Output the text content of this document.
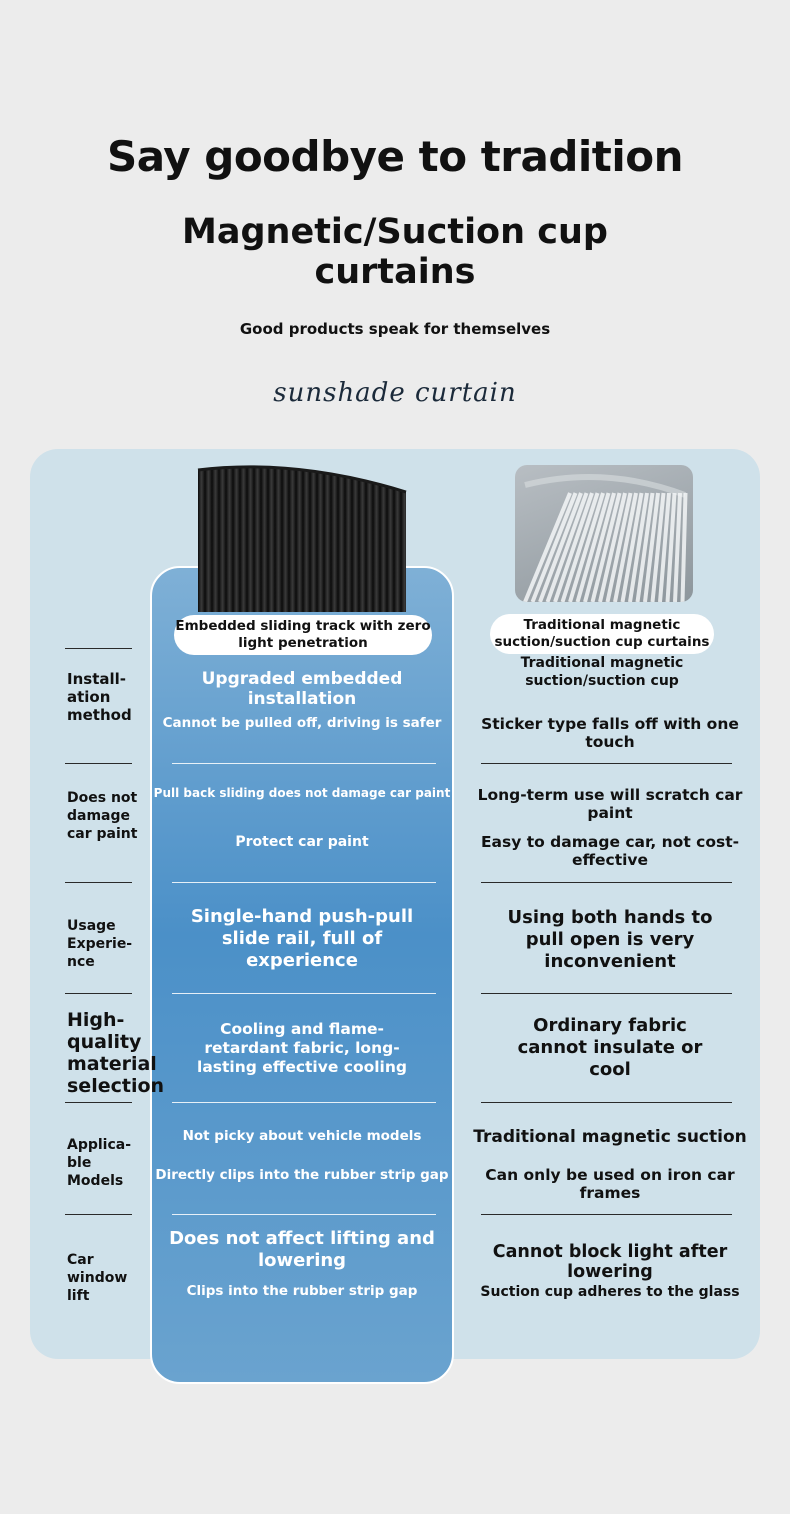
Say goodbye to tradition
Magnetic/Suction cup
curtains
Good products speak for themselves
sunshade curtain
Embedded sliding track with zero light penetration
Traditional magnetic suction/suction cup curtains
Traditional magnetic
suction/suction cup
Install-
ation
method
Upgraded embedded installation
Cannot be pulled off, driving is safer	Sticker type falls off with one touch
Does not
damage
car paint
Pull back sliding does not damage car paint
Protect car paint
Long-term use will scratch car paint
Easy to damage car, not cost-effective
Usage
Experie-
nce
Single-hand push-pull
slide rail, full of
experience
Using both hands to
pull open is very
inconvenient
High-
quality
material
selection
Cooling and flame-
retardant fabric, long-
lasting effective cooling
Ordinary fabric
cannot insulate or
cool
Applica-
ble
Models
Not picky about vehicle models
Directly clips into the rubber strip gap
Traditional magnetic suction
Can only be used on iron car frames
Car
window
lift
Does not affect lifting and
lowering
Clips into the rubber strip gap
Cannot block light after lowering
Suction cup adheres to the glass
